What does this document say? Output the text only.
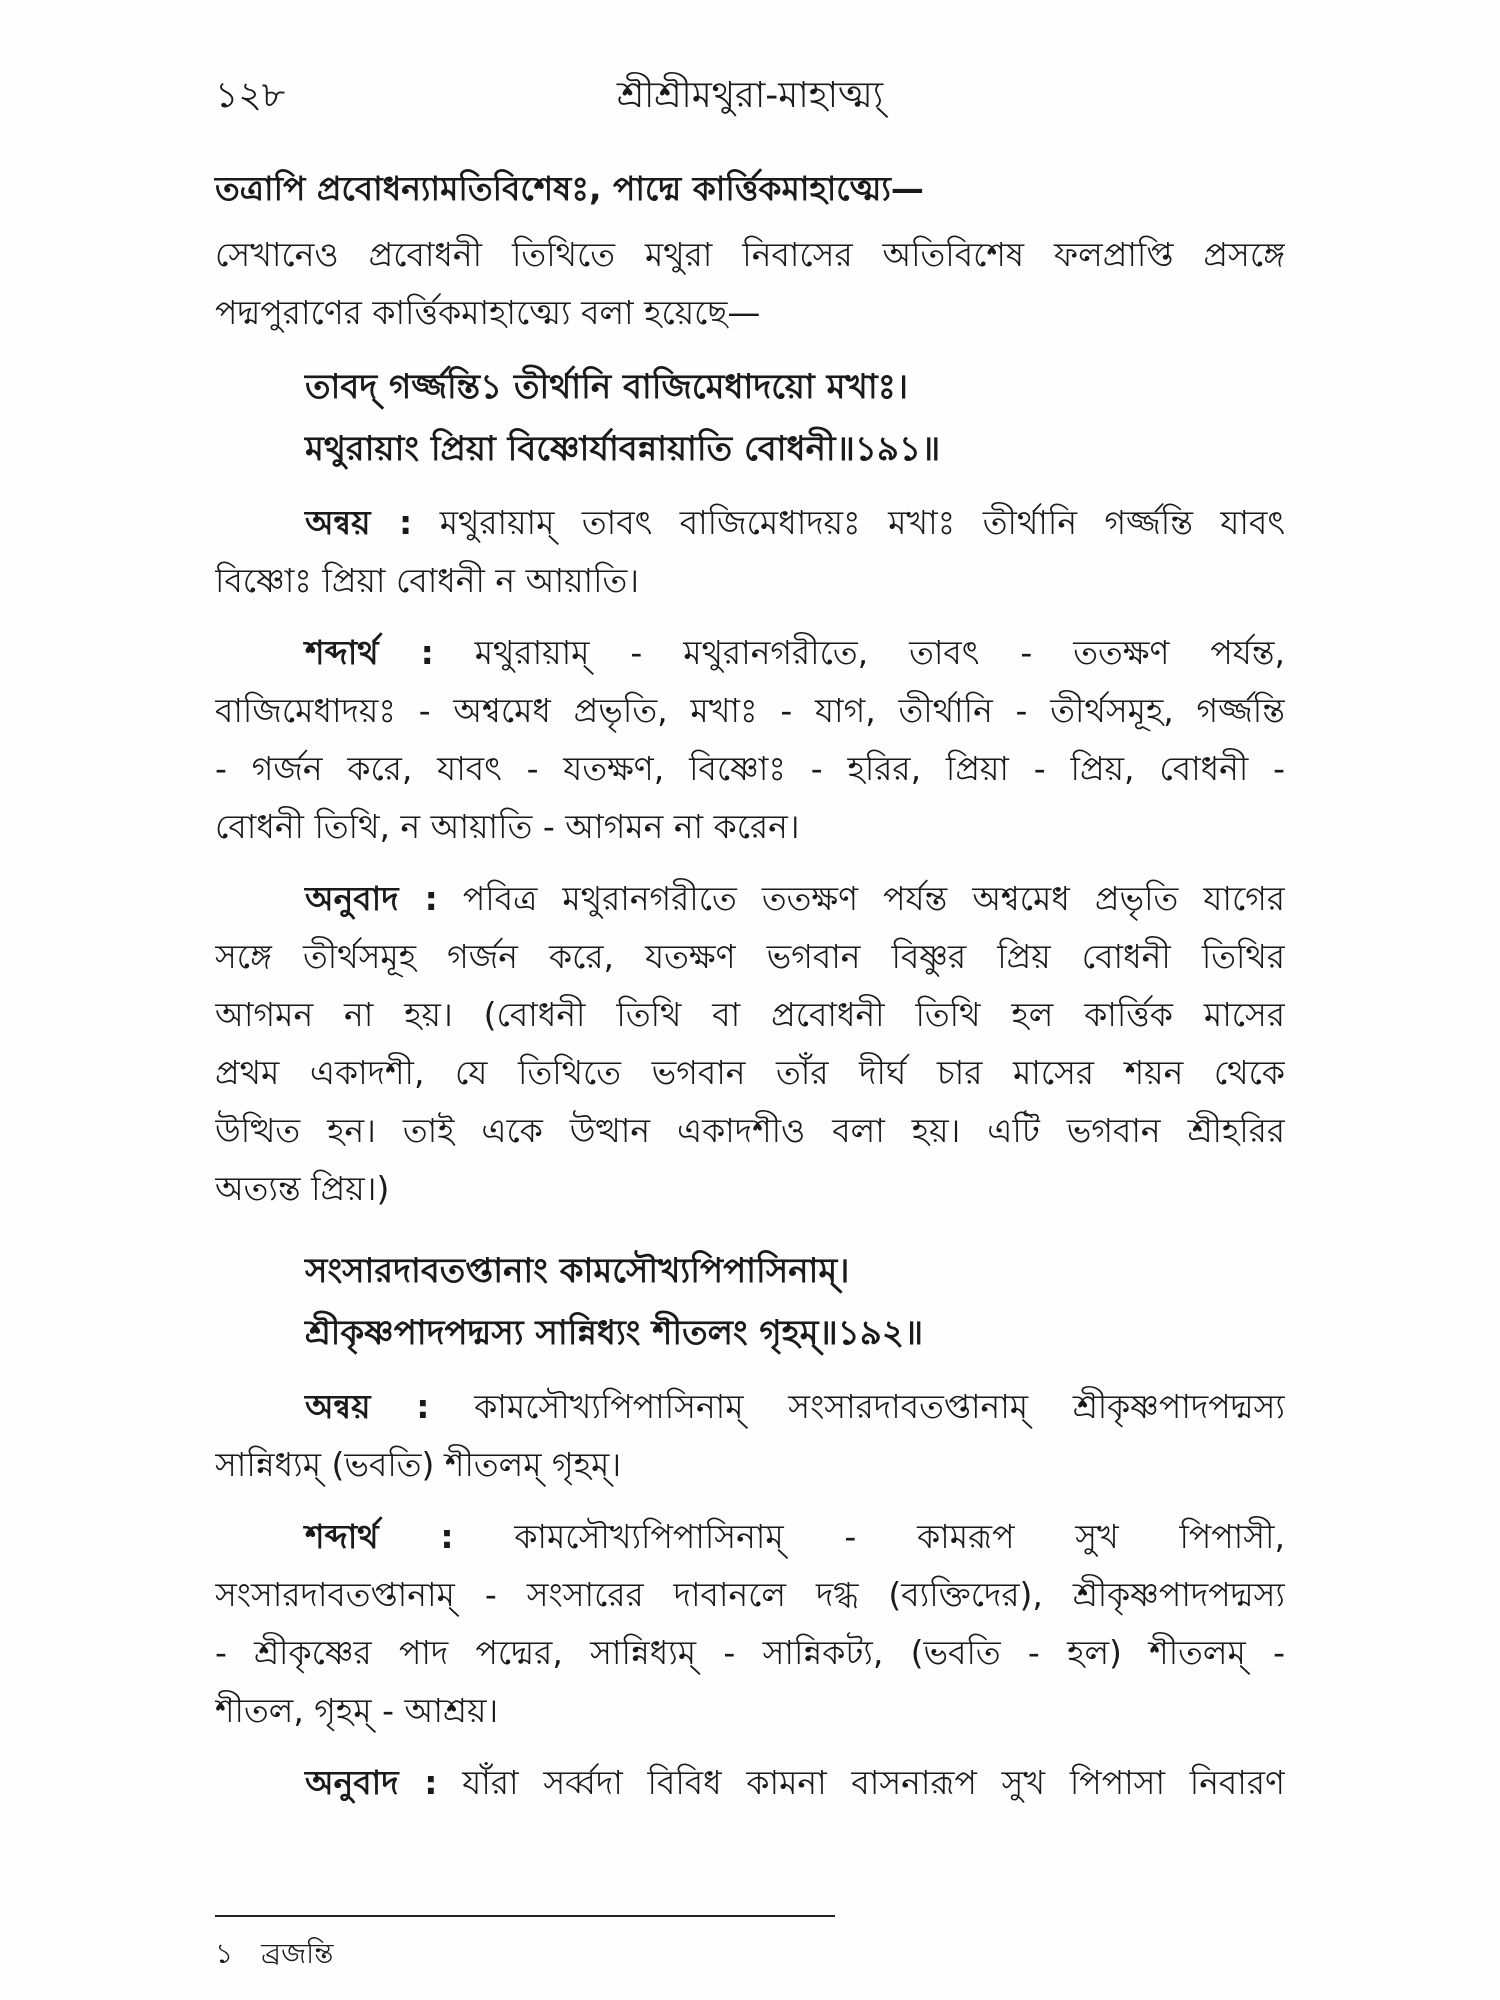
১২৮	শ্রীশ্রীমথুরা-মাহাত্ম্য্
তত্রাপি প্রবোধন্যামতিবিশেষঃ, পাদ্মে কার্ত্তিকমাহাত্ম্যে—
সেখানেও প্রবোধনী তিথিতে মথুরা নিবাসের অতিবিশেষ ফলপ্রাপ্তি প্রসঙ্গে
পদ্মপুরাণের কার্ত্তিকমাহাত্ম্যে বলা হয়েছে—
তাবদ্ গর্জ্জন্তি১ তীর্থানি বাজিমেধাদয়ো মখাঃ।
মথুরায়াং প্রিয়া বিষ্ণোর্যাবন্নায়াতি বোধনী॥১৯১॥
অন্বয় : মথুরায়াম্ তাবৎ বাজিমেধাদয়ঃ মখাঃ তীর্থানি গর্জ্জন্তি যাবৎ
বিষ্ণোঃ প্রিয়া বোধনী ন আয়াতি।
শব্দার্থ : মথুরায়াম্ - মথুরানগরীতে, তাবৎ - ততক্ষণ পর্যন্ত,
বাজিমেধাদয়ঃ - অশ্বমেধ প্রভৃতি, মখাঃ - যাগ, তীর্থানি - তীর্থসমূহ, গর্জ্জন্তি
- গর্জন করে, যাবৎ - যতক্ষণ, বিষ্ণোঃ - হরির, প্রিয়া - প্রিয়, বোধনী -
বোধনী তিথি, ন আয়াতি - আগমন না করেন।
অনুবাদ : পবিত্র মথুরানগরীতে ততক্ষণ পর্যন্ত অশ্বমেধ প্রভৃতি যাগের
সঙ্গে তীর্থসমূহ গর্জন করে, যতক্ষণ ভগবান বিষ্ণুর প্রিয় বোধনী তিথির
আগমন না হয়। (বোধনী তিথি বা প্রবোধনী তিথি হল কার্ত্তিক মাসের
প্রথম একাদশী, যে তিথিতে ভগবান তাঁর দীর্ঘ চার মাসের শয়ন থেকে
উত্থিত হন। তাই একে উত্থান একাদশীও বলা হয়। এটি ভগবান শ্রীহরির
অত্যন্ত প্রিয়।)
সংসারদাবতপ্তানাং কামসৌখ্যপিপাসিনাম্।
শ্রীকৃষ্ণপাদপদ্মস্য সান্নিধ্যং শীতলং গৃহম্॥১৯২॥
অন্বয় : কামসৌখ্যপিপাসিনাম্ সংসারদাবতপ্তানাম্ শ্রীকৃষ্ণপাদপদ্মস্য
সান্নিধ্যম্ (ভবতি) শীতলম্ গৃহম্।
শব্দার্থ : কামসৌখ্যপিপাসিনাম্ - কামরূপ সুখ পিপাসী,
সংসারদাবতপ্তানাম্ - সংসারের দাবানলে দগ্ধ (ব্যক্তিদের), শ্রীকৃষ্ণপাদপদ্মস্য
- শ্রীকৃষ্ণের পাদ পদ্মের, সান্নিধ্যম্ - সান্নিকট্য, (ভবতি - হল) শীতলম্ -
শীতল, গৃহম্ - আশ্রয়।
অনুবাদ : যাঁরা সর্ব্বদা বিবিধ কামনা বাসনারূপ সুখ পিপাসা নিবারণ
১ ব্রজন্তি
